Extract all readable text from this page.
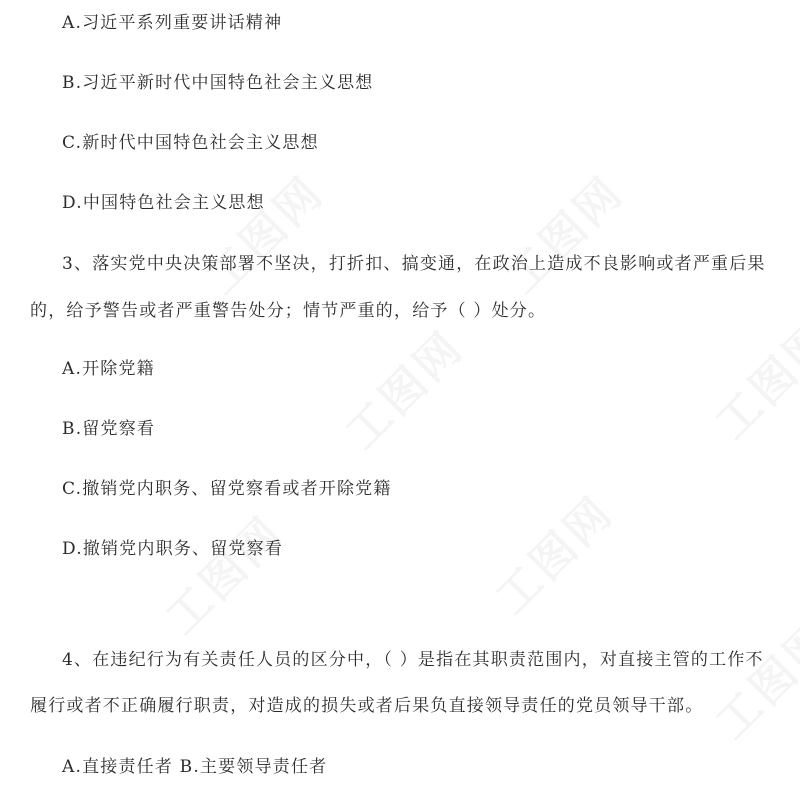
A.习近平系列重要讲话精神
B.习近平新时代中国特色社会主义思想
C.新时代中国特色社会主义思想
D.中国特色社会主义思想
3、落实党中央决策部署不坚决，打折扣、搞变通，在政治上造成不良影响或者严重后果
的，给予警告或者严重警告处分；情节严重的，给予（ ）处分。
A.开除党籍
B.留党察看
C.撤销党内职务、留党察看或者开除党籍
D.撤销党内职务、留党察看
4、在违纪行为有关责任人员的区分中，（ ）是指在其职责范围内，对直接主管的工作不
履行或者不正确履行职责，对造成的损失或者后果负直接领导责任的党员领导干部。
A.直接责任者 B.主要领导责任者
